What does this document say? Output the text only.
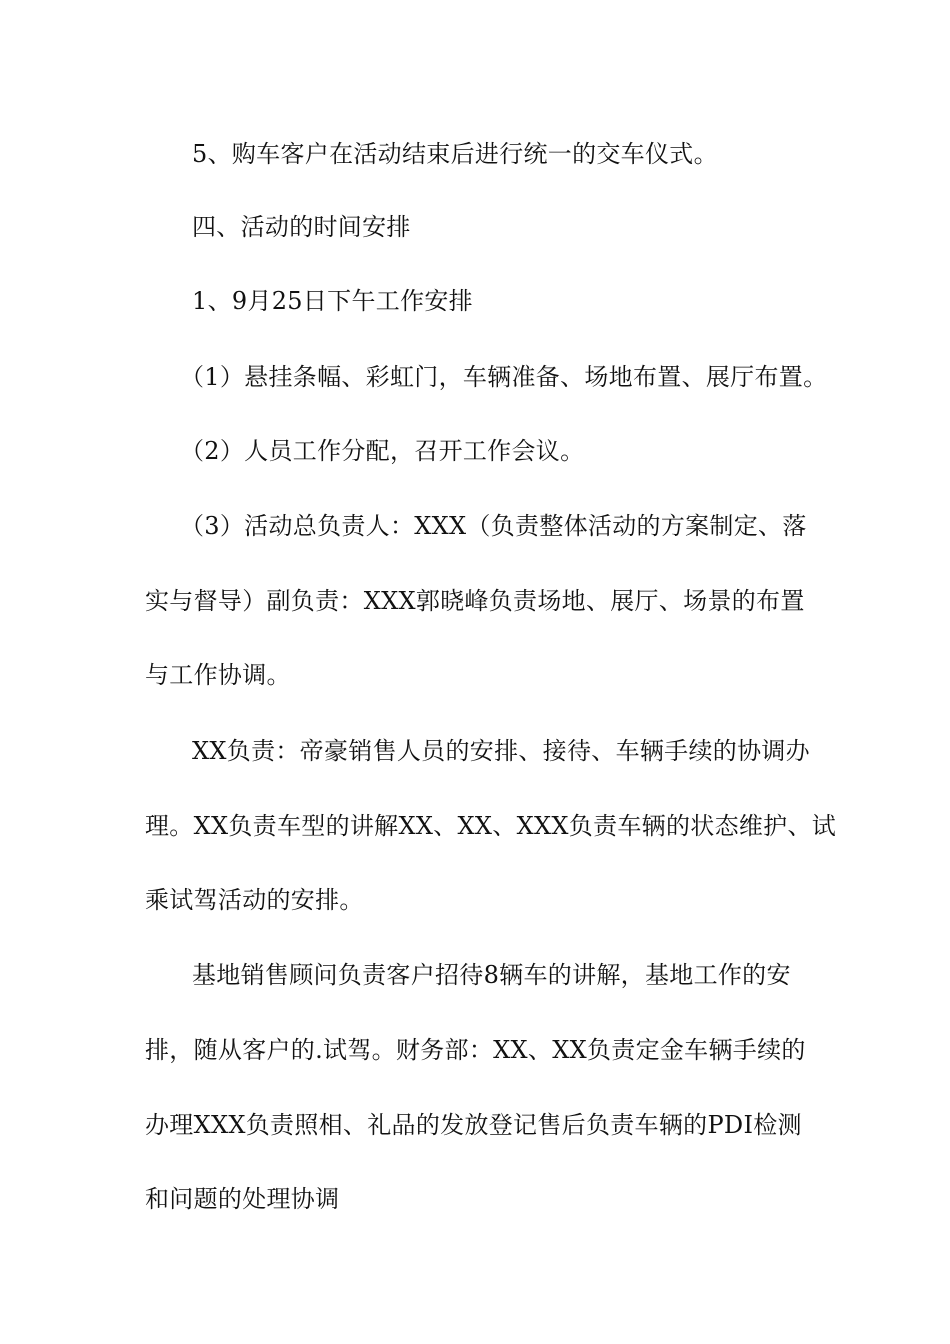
5、购车客户在活动结束后进行统一的交车仪式。
四、活动的时间安排
1、9月25日下午工作安排
（1）悬挂条幅、彩虹门，车辆准备、场地布置、展厅布置。
（2）人员工作分配，召开工作会议。
（3）活动总负责人：XXX（负责整体活动的方案制定、落
实与督导）副负责：XXX郭晓峰负责场地、展厅、场景的布置
与工作协调。
XX负责：帝豪销售人员的安排、接待、车辆手续的协调办
理。XX负责车型的讲解XX、XX、XXX负责车辆的状态维护、试
乘试驾活动的安排。
基地销售顾问负责客户招待8辆车的讲解，基地工作的安
排，随从客户的.试驾。财务部：XX、XX负责定金车辆手续的
办理XXX负责照相、礼品的发放登记售后负责车辆的PDI检测
和问题的处理协调
